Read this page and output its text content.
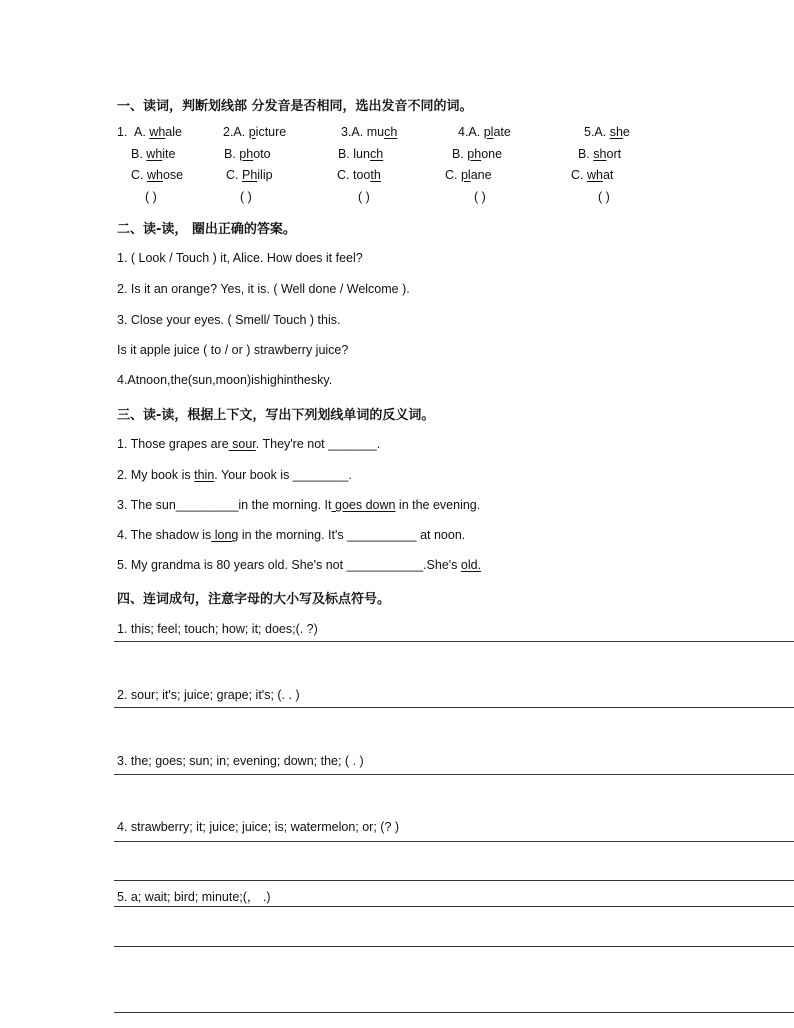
一、读词，判断划线部 分发音是否相同，选出发音不同的词。
1. A. whale
B. white
C. whose
( )
2.A. picture
B. photo
C. Philip
( )
3.A. much
B. lunch
C. tooth
( )
4.A. plate
B. phone
C. plane
( )
5.A. she
B. short
C. what
( )
二、读-读， 圈出正确的答案。
1. ( Look / Touch ) it, Alice. How does it feel?
2. Is it an orange? Yes, it is. ( Well done / Welcome ).
3. Close your eyes. ( Smell/ Touch ) this.
Is it apple juice ( to / or ) strawberry juice?
4.Atnoon,the(sun,moon)ishighinthesky.
三、读-读，根据上下文，写出下列划线单词的反义词。
1. Those grapes are sour. They're not _______.
2. My book is thin. Your book is ________.
3. The sun_________in the morning. It goes down in the evening.
4. The shadow is long in the morning. It's __________ at noon.
5. My grandma is 80 years old. She's not ___________.She's old.
四、连词成句，注意字母的大小写及标点符号。
1. this; feel; touch; how; it; does;(. ?)
2. sour; it's; juice; grape; it's; (. . )
3. the; goes; sun; in; evening; down; the; ( . )
4. strawberry; it; juice; juice; is; watermelon; or; (? )
5. a; wait; bird; minute;(， .)
